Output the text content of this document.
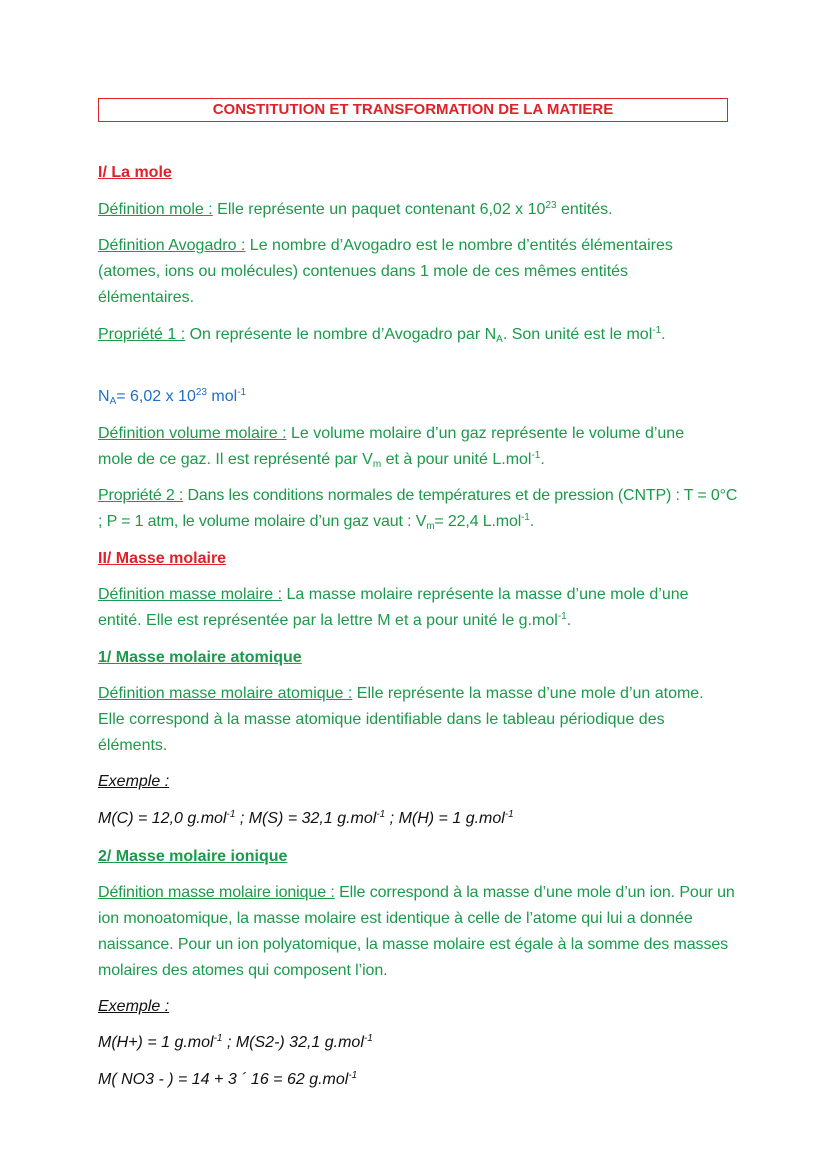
CONSTITUTION ET TRANSFORMATION DE LA MATIERE

I/ La mole

Définition mole : Elle représente un paquet contenant 6,02 x $10^{23}$ entités.

Définition Avogadro : Le nombre d’Avogadro est le nombre d’entités élémentaires (atomes, ions ou molécules) contenues dans 1 mole de ces mêmes entités élémentaires.

Propriété 1 : On représente le nombre d’Avogadro par $N_A$. Son unité est le mol$^{-1}$.

$N_A= 6,02$ x $10^{23}$ mol$^{-1}$

Définition volume molaire : Le volume molaire d’un gaz représente le volume d’une mole de ce gaz. Il est représenté par $V_m$ et à pour unité L.mol$^{-1}$.

Propriété 2 : Dans les conditions normales de températures et de pression (CNTP) : T = 0°C ; P = 1 atm, le volume molaire d’un gaz vaut : $V_m= 22,4$ L.mol$^{-1}$.

II/ Masse molaire

Définition masse molaire : La masse molaire représente la masse d’une mole d’une entité. Elle est représentée par la lettre M et a pour unité le g.mol$^{-1}$.

1/ Masse molaire atomique

Définition masse molaire atomique : Elle représente la masse d’une mole d’un atome. Elle correspond à la masse atomique identifiable dans le tableau périodique des éléments.

Exemple :

M(C) = 12,0 g.mol$^{-1}$ ; M(S) = 32,1 g.mol$^{-1}$ ; M(H) = 1 g.mol$^{-1}$

2/ Masse molaire ionique

Définition masse molaire ionique : Elle correspond à la masse d’une mole d’un ion. Pour un ion monoatomique, la masse molaire est identique à celle de l’atome qui lui a donnée naissance. Pour un ion polyatomique, la masse molaire est égale à la somme des masses molaires des atomes qui composent l’ion.

Exemple :

M(H+) = 1 g.mol$^{-1}$ ; M(S2-) 32,1 g.mol$^{-1}$

M( NO3 - ) = 14 + 3 ´ 16 = 62 g.mol$^{-1}$
